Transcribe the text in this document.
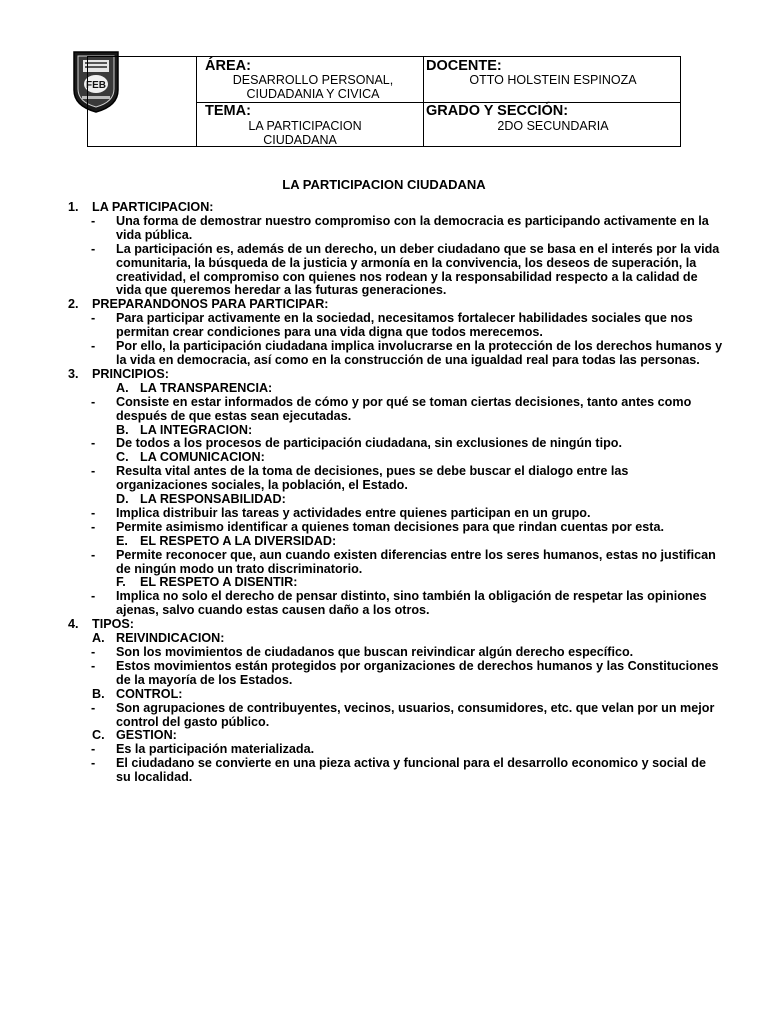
FEB
ÁREA:
DESARROLLO PERSONAL,
CIUDADANIA Y CIVICA
DOCENTE:
OTTO HOLSTEIN ESPINOZA
TEMA:
LA PARTICIPACION
CIUDADANA
GRADO Y SECCIÓN:
2DO SECUNDARIA
LA PARTICIPACION CIUDADANA
1. LA PARTICIPACION:
- Una forma de demostrar nuestro compromiso con la democracia es participando activamente en la vida pública.
- La participación es, además de un derecho, un deber ciudadano que se basa en el interés por la vida comunitaria, la búsqueda de la justicia y armonía en la convivencia, los deseos de superación, la creatividad, el compromiso con quienes nos rodean y la responsabilidad respecto a la calidad de vida que queremos heredar a las futuras generaciones.
2. PREPARANDONOS PARA PARTICIPAR:
- Para participar activamente en la sociedad, necesitamos fortalecer habilidades sociales que nos permitan crear condiciones para una vida digna que todos merecemos.
- Por ello, la participación ciudadana implica involucrarse en la protección de los derechos humanos y la vida en democracia, así como en la construcción de una igualdad real para todas las personas.
3. PRINCIPIOS:
A. LA TRANSPARENCIA:
- Consiste en estar informados de cómo y por qué se toman ciertas decisiones, tanto antes como después de que estas sean ejecutadas.
B. LA INTEGRACION:
- De todos a los procesos de participación ciudadana, sin exclusiones de ningún tipo.
C. LA COMUNICACION:
- Resulta vital antes de la toma de decisiones, pues se debe buscar el dialogo entre las organizaciones sociales, la población, el Estado.
D. LA RESPONSABILIDAD:
- Implica distribuir las tareas y actividades entre quienes participan en un grupo.
- Permite asimismo identificar a quienes toman decisiones para que rindan cuentas por esta.
E. EL RESPETO A LA DIVERSIDAD:
- Permite reconocer que, aun cuando existen diferencias entre los seres humanos, estas no justifican de ningún modo un trato discriminatorio.
F. EL RESPETO A DISENTIR:
- Implica no solo el derecho de pensar distinto, sino también la obligación de respetar las opiniones ajenas, salvo cuando estas causen daño a los otros.
4. TIPOS:
A. REIVINDICACION:
- Son los movimientos de ciudadanos que buscan reivindicar algún derecho específico.
- Estos movimientos están protegidos por organizaciones de derechos humanos y las Constituciones de la mayoría de los Estados.
B. CONTROL:
- Son agrupaciones de contribuyentes, vecinos, usuarios, consumidores, etc. que velan por un mejor control del gasto público.
C. GESTION:
- Es la participación materializada.
- El ciudadano se convierte en una pieza activa y funcional para el desarrollo economico y social de su localidad.
